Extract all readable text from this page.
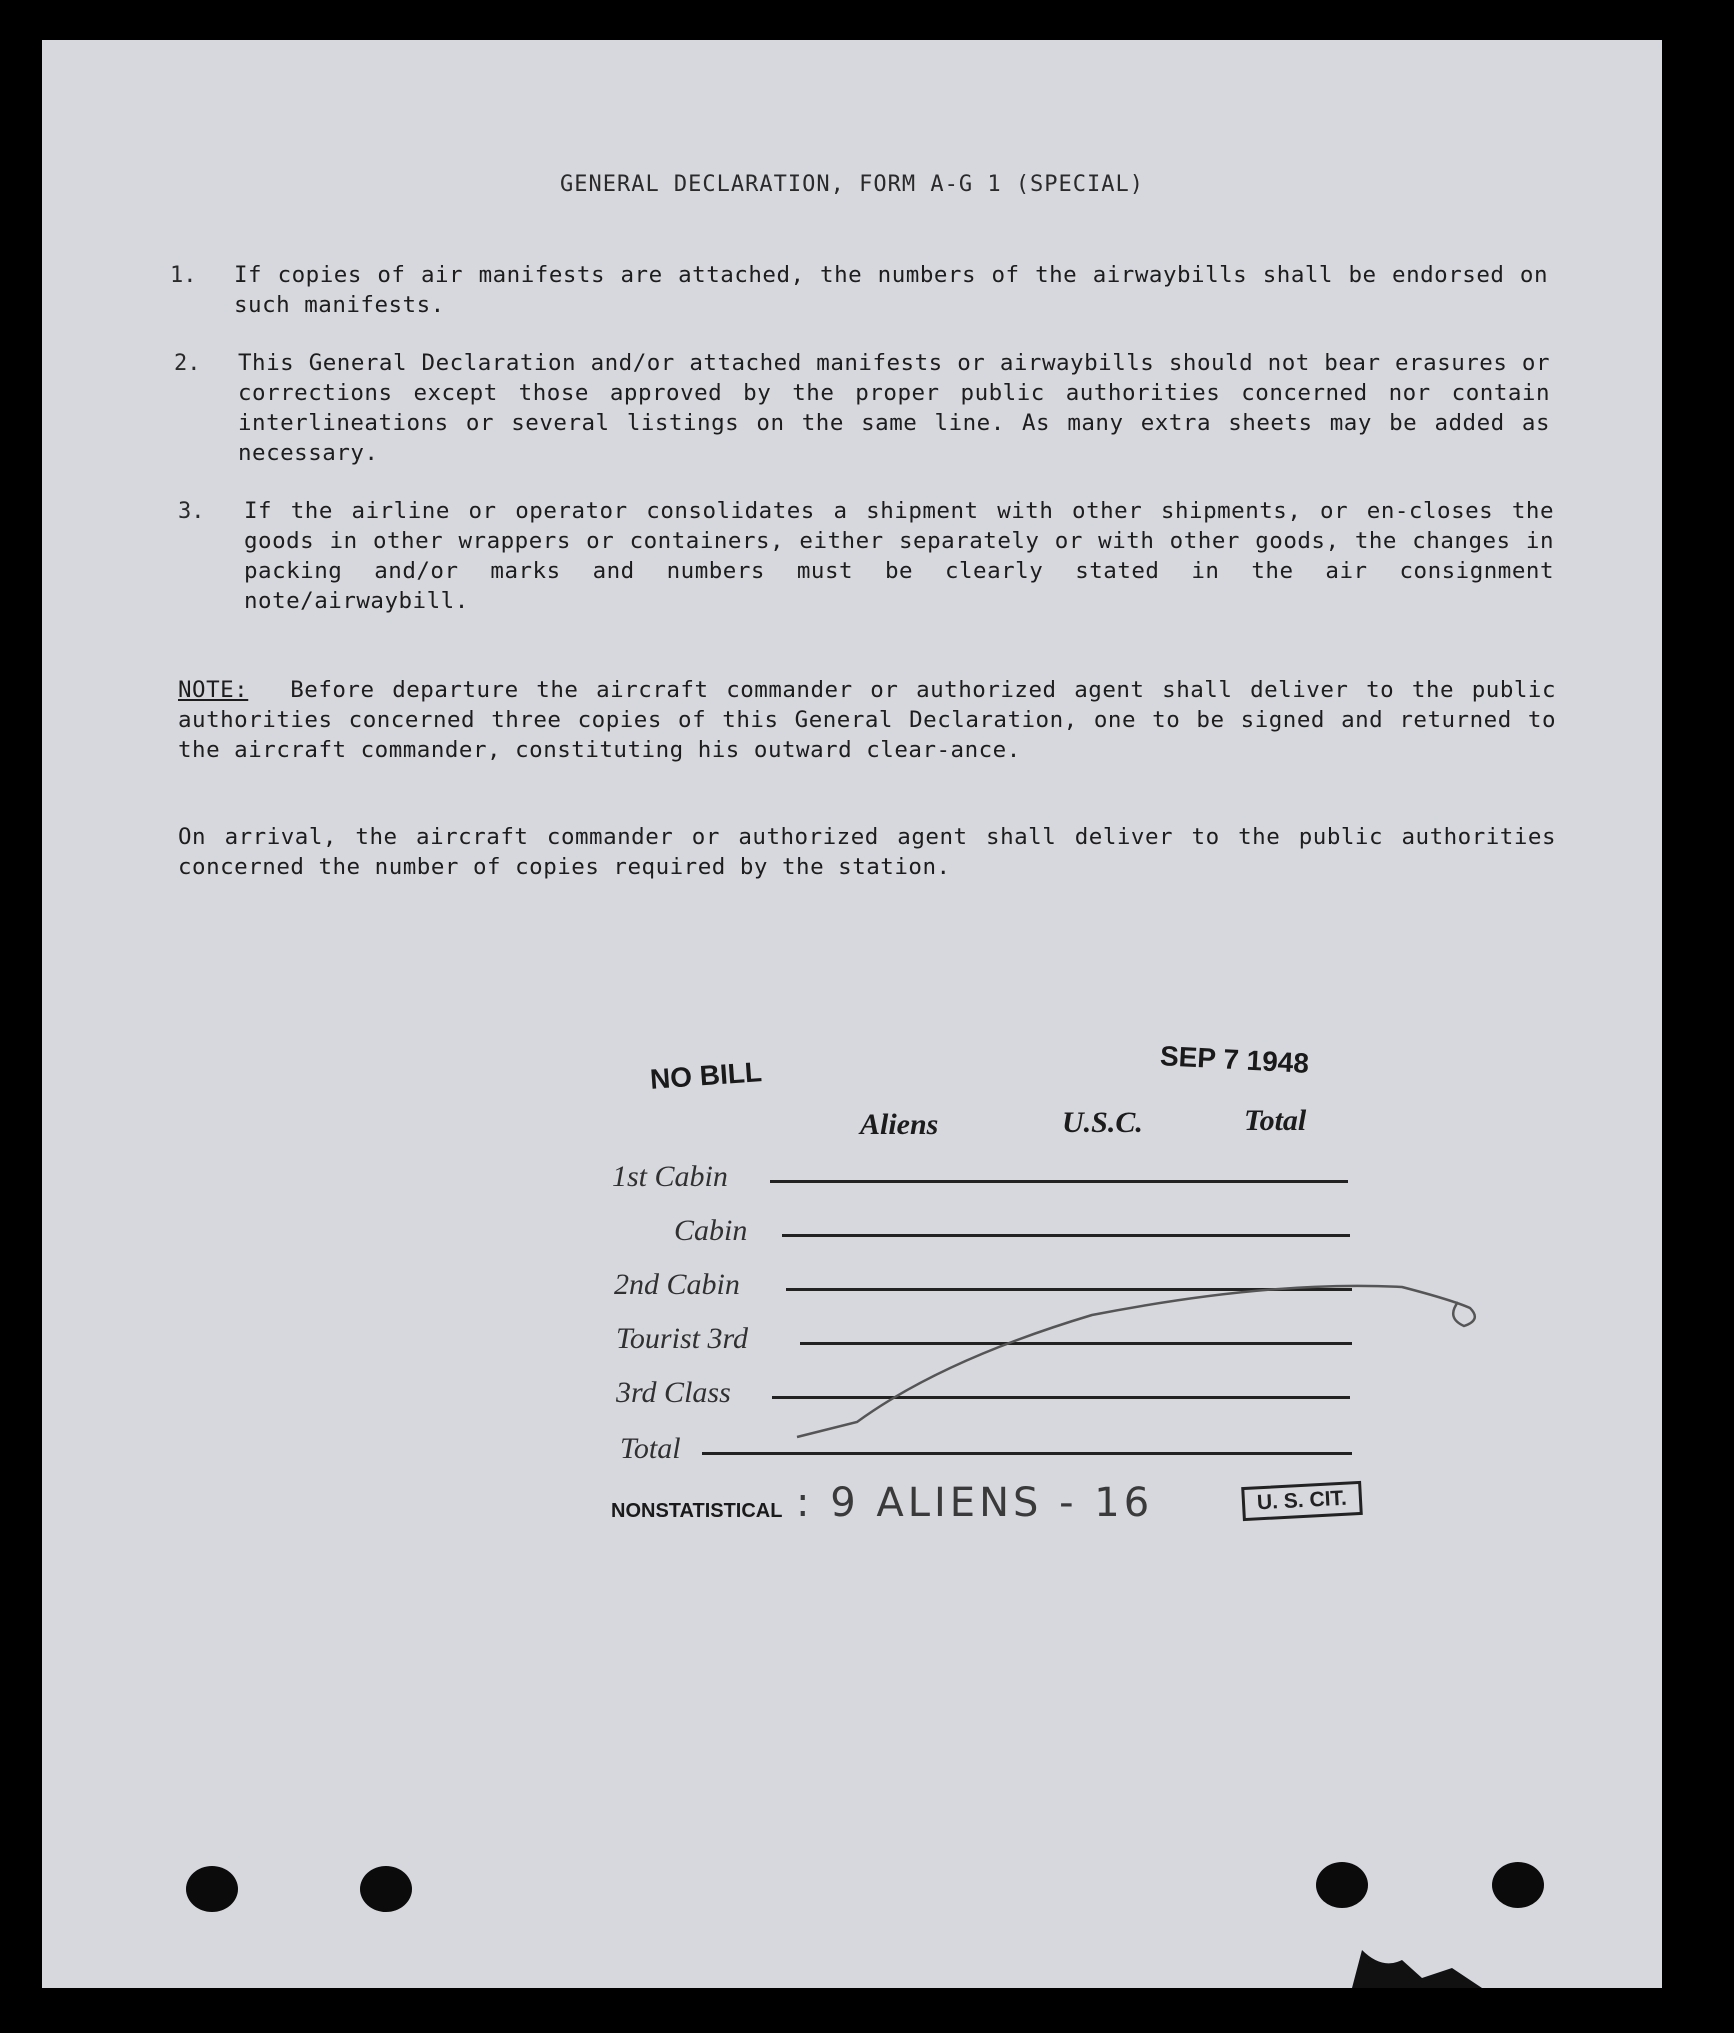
GENERAL DECLARATION, FORM A-G 1 (SPECIAL)
1. If copies of air manifests are attached, the numbers of the airwaybills shall be endorsed on such manifests.
2. This General Declaration and/or attached manifests or airwaybills should not bear erasures or corrections except those approved by the proper public authorities concerned nor contain interlineations or several listings on the same line. As many extra sheets may be added as necessary.
3. If the airline or operator consolidates a shipment with other shipments, or en-closes the goods in other wrappers or containers, either separately or with other goods, the changes in packing and/or marks and numbers must be clearly stated in the air consignment note/airwaybill.
NOTE: Before departure the aircraft commander or authorized agent shall deliver to the public authorities concerned three copies of this General Declaration, one to be signed and returned to the aircraft commander, constituting his outward clear-ance.
On arrival, the aircraft commander or authorized agent shall deliver to the public authorities concerned the number of copies required by the station.
NO BILL	SEP 7 1948
Aliens	U.S.C.	Total
1st Cabin
Cabin
2nd Cabin
Tourist 3rd
3rd Class
Total
NONSTATISTICAL : 9 ALIENS - 16	U. S. CIT.
